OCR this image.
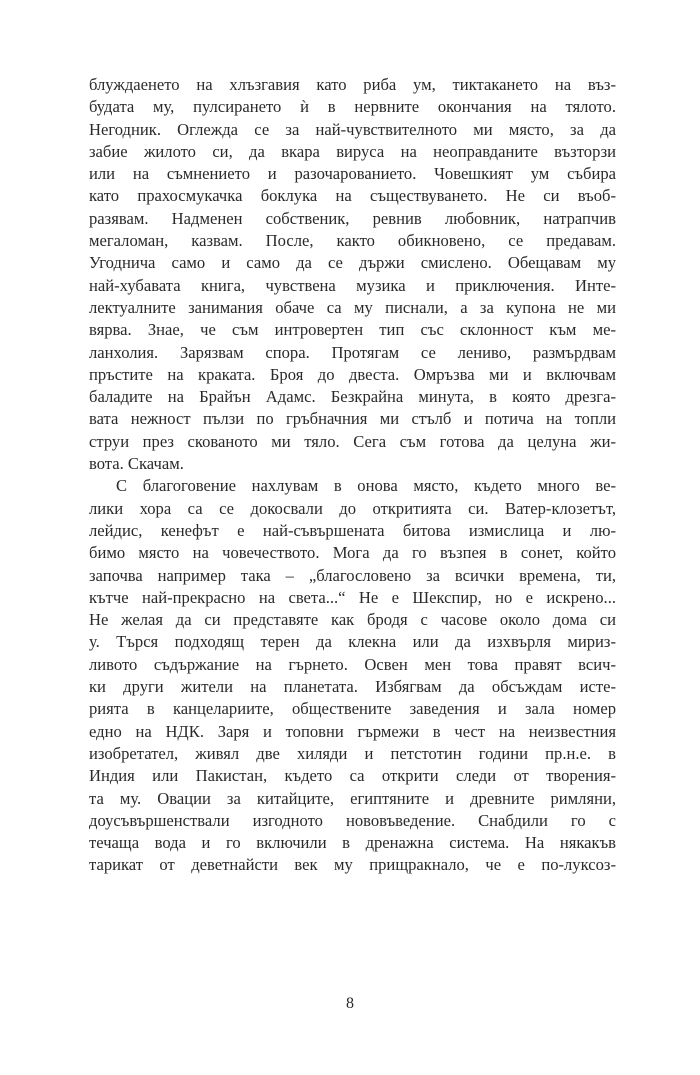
блуждаенето на хлъзгавия като риба ум, тиктакането на въз-
будата му, пулсирането ѝ в нервните окончания на тялото.
Негодник. Оглежда се за най-чувствителното ми място, за да
забие жилото си, да вкара вируса на неоправданите възторзи
или на съмнението и разочарованието. Човешкият ум събира
като прахосмукачка боклука на съществуването. Не си въоб-
разявам. Надменен собственик, ревнив любовник, натрапчив
мегаломан, казвам. После, както обикновено, се предавам.
Угоднича само и само да се държи смислено. Обещавам му
най-хубавата книга, чувствена музика и приключения. Инте-
лектуалните занимания обаче са му писнали, а за купона не ми
вярва. Знае, че съм интровертен тип със склонност към ме-
ланхолия. Зарязвам спора. Протягам се лениво, размърдвам
пръстите на краката. Броя до двеста. Омръзва ми и включвам
баладите на Брайън Адамс. Безкрайна минута, в която дрезга-
вата нежност пълзи по гръбначния ми стълб и потича на топли
струи през скованото ми тяло. Сега съм готова да целуна жи-
вота. Скачам.
С благоговение нахлувам в онова място, където много ве-
лики хора са се докосвали до откритията си. Ватер-клозетът,
лейдис, кенефът е най-съвършената битова измислица и лю-
бимо място на човечеството. Мога да го възпея в сонет, който
започва например така – „благословено за всички времена, ти,
кътче най-прекрасно на света...“ Не е Шекспир, но е искрено...
Не желая да си представяте как бродя с часове около дома си
у. Търся подходящ терен да клекна или да изхвърля мириз-
ливото съдържание на гърнето. Освен мен това правят всич-
ки други жители на планетата. Избягвам да обсъждам исте-
рията в канцелариите, обществените заведения и зала номер
едно на НДК. Заря и топовни гърмежи в чест на неизвестния
изобретател, живял две хиляди и петстотин години пр.н.е. в
Индия или Пакистан, където са открити следи от творения-
та му. Овации за китайците, египтяните и древните римляни,
доусъвършенствали изгодното нововъведение. Снабдили го с
течаща вода и го включили в дренажна система. На някакъв
тарикат от деветнайсти век му прищракнало, че е по-луксоз-
8
